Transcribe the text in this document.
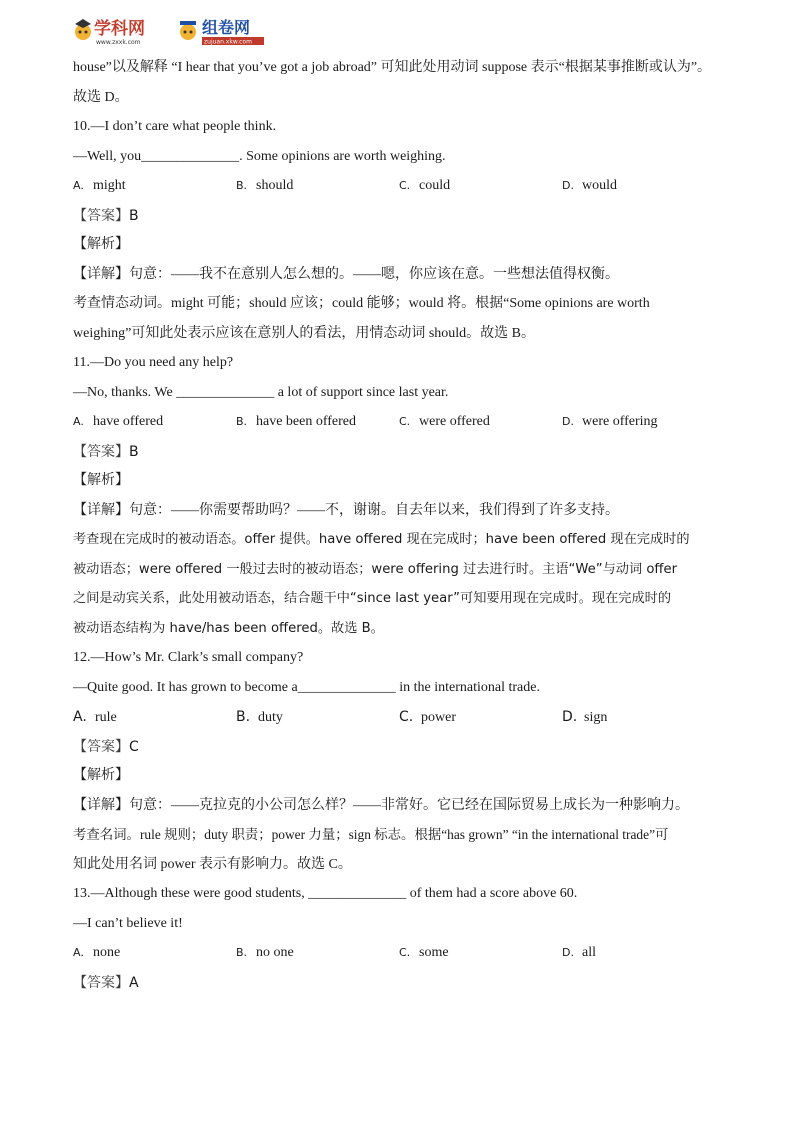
学科网
www.zxxk.com
组卷网
zujuan.xkw.com
house”以及解释 “I hear that you’ve got a job abroad” 可知此处用动词 suppose 表示“根据某事推断或认为”。
故选 D。
10.—I don’t care what people think.
—Well, you______________. Some opinions are worth weighing.
A. might	B. should	C. could	D. would
【答案】B
【解析】
【详解】句意：——我不在意别人怎么想的。——嗯，你应该在意。一些想法值得权衡。
考查情态动词。might 可能；should 应该；could 能够；would 将。根据“Some opinions are worth
weighing”可知此处表示应该在意别人的看法，用情态动词 should。故选 B。
11.—Do you need any help?
—No, thanks. We ______________ a lot of support since last year.
A. have offered	B. have been offered	C. were offered	D. were offering
【答案】B
【解析】
【详解】句意：——你需要帮助吗？——不，谢谢。自去年以来，我们得到了许多支持。
考查现在完成时的被动语态。offer 提供。have offered 现在完成时；have been offered 现在完成时的
被动语态；were offered 一般过去时的被动语态；were offering 过去进行时。主语“We”与动词 offer
之间是动宾关系，此处用被动语态，结合题干中“since last year”可知要用现在完成时。现在完成时的
被动语态结构为 have/has been offered。故选 B。
12.—How’s Mr. Clark’s small company?
—Quite good. It has grown to become a______________ in the international trade.
A. rule	B. duty	C. power	D. sign
【答案】C
【解析】
【详解】句意：——克拉克的小公司怎么样？——非常好。它已经在国际贸易上成长为一种影响力。
考查名词。rule 规则；duty 职责；power 力量；sign 标志。根据“has grown” “in the international trade”可
知此处用名词 power 表示有影响力。故选 C。
13.—Although these were good students, ______________ of them had a score above 60.
—I can’t believe it!
A. none	B. no one	C. some	D. all
【答案】A
